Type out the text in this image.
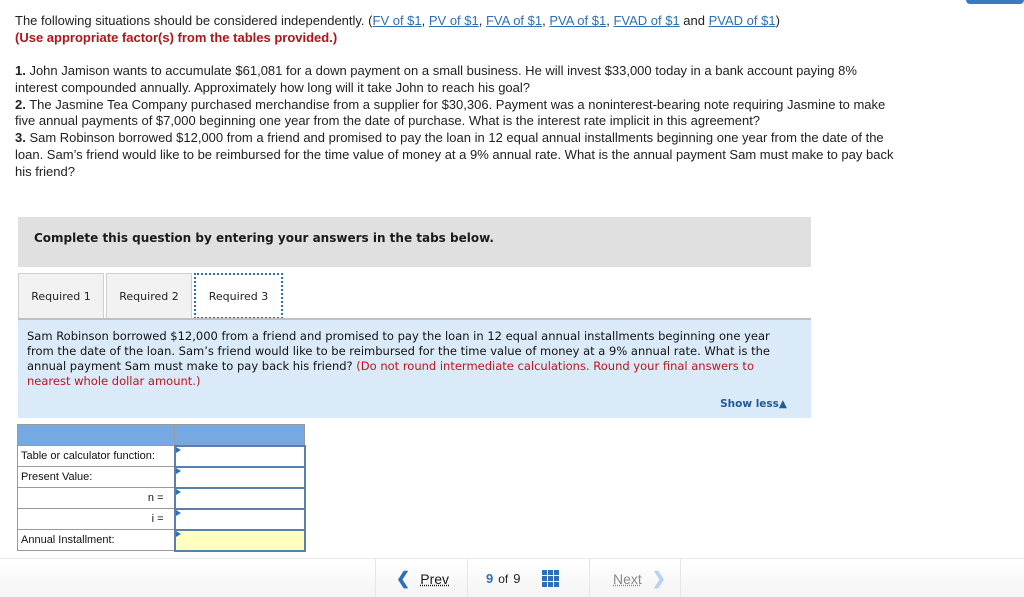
The following situations should be considered independently. (FV of $1, PV of $1, FVA of $1, PVA of $1, FVAD of $1 and PVAD of $1)
(Use appropriate factor(s) from the tables provided.)

1. John Jamison wants to accumulate $61,081 for a down payment on a small business. He will invest $33,000 today in a bank account paying 8% interest compounded annually. Approximately how long will it take John to reach his goal?

2. The Jasmine Tea Company purchased merchandise from a supplier for $30,306. Payment was a noninterest-bearing note requiring Jasmine to make five annual payments of $7,000 beginning one year from the date of purchase. What is the interest rate implicit in this agreement?

3. Sam Robinson borrowed $12,000 from a friend and promised to pay the loan in 12 equal annual installments beginning one year from the date of the loan. Sam’s friend would like to be reimbursed for the time value of money at a 9% annual rate. What is the annual payment Sam must make to pay back his friend?

Complete this question by entering your answers in the tabs below.
Required 1	Required 2	Required 3
Sam Robinson borrowed $12,000 from a friend and promised to pay the loan in 12 equal annual installments beginning one year from the date of the loan. Sam’s friend would like to be reimbursed for the time value of money at a 9% annual rate. What is the annual payment Sam must make to pay back his friend? (Do not round intermediate calculations. Round your final answers to nearest whole dollar amount.)
Show less▲

Table or calculator function:	

Present Value:	

n =	

i =	

Annual Installment:	
❮ Prev	9 of 9	Next ❯
